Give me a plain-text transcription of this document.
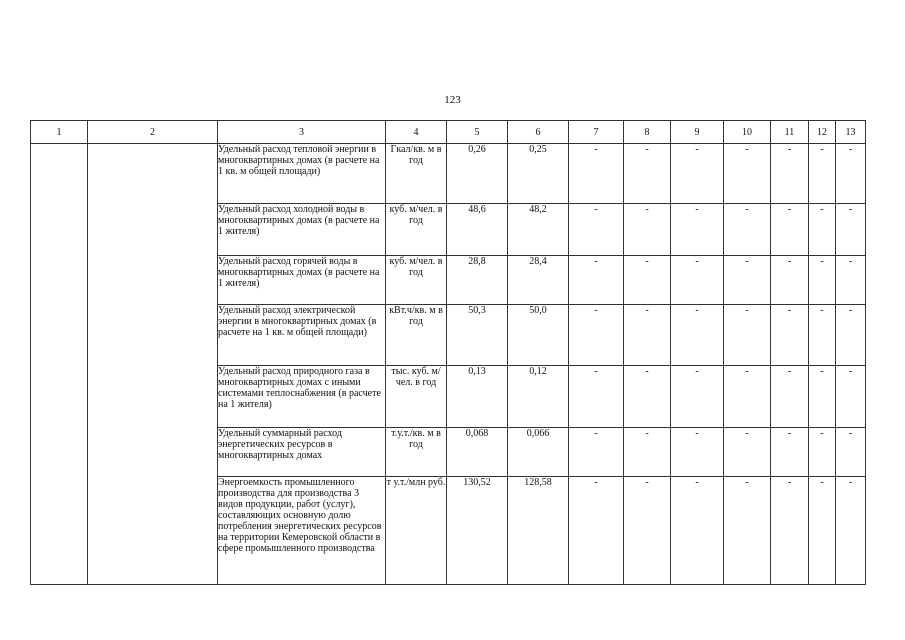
123
1	2	3	4	5	6	7	8	9	10	11	12	13
		Удельный расход тепловой энергии в многоквартирных домах (в расчете на 1 кв. м общей площади)	Гкал/кв. м в год	0,26	0,25	-	-	-	-	-	-	-
		Удельный расход холодной воды в многоквартирных домах (в расчете на 1 жителя)	куб. м/чел. в год	48,6	48,2	-	-	-	-	-	-	-
		Удельный расход горячей воды в многоквартирных домах (в расчете на 1 жителя)	куб. м/чел. в год	28,8	28,4	-	-	-	-	-	-	-
		Удельный расход электрической энергии в многоквартирных домах (в расчете на 1 кв. м общей площади)	кВт.ч/кв. м в год	50,3	50,0	-	-	-	-	-	-	-
		Удельный расход природного газа в многоквартирных домах с иными системами теплоснабжения (в расчете на 1 жителя)	тыс. куб. м/чел. в год	0,13	0,12	-	-	-	-	-	-	-
		Удельный суммарный расход энергетических ресурсов в многоквартирных домах	т.у.т./кв. м в год	0,068	0,066	-	-	-	-	-	-	-
		Энергоемкость промышленного производства для производства 3 видов продукции, работ (услуг), составляющих основную долю потребления энергетических ресурсов на территории Кемеровской области в сфере промышленного производства	т у.т./млн руб.	130,52	128,58	-	-	-	-	-	-	-
